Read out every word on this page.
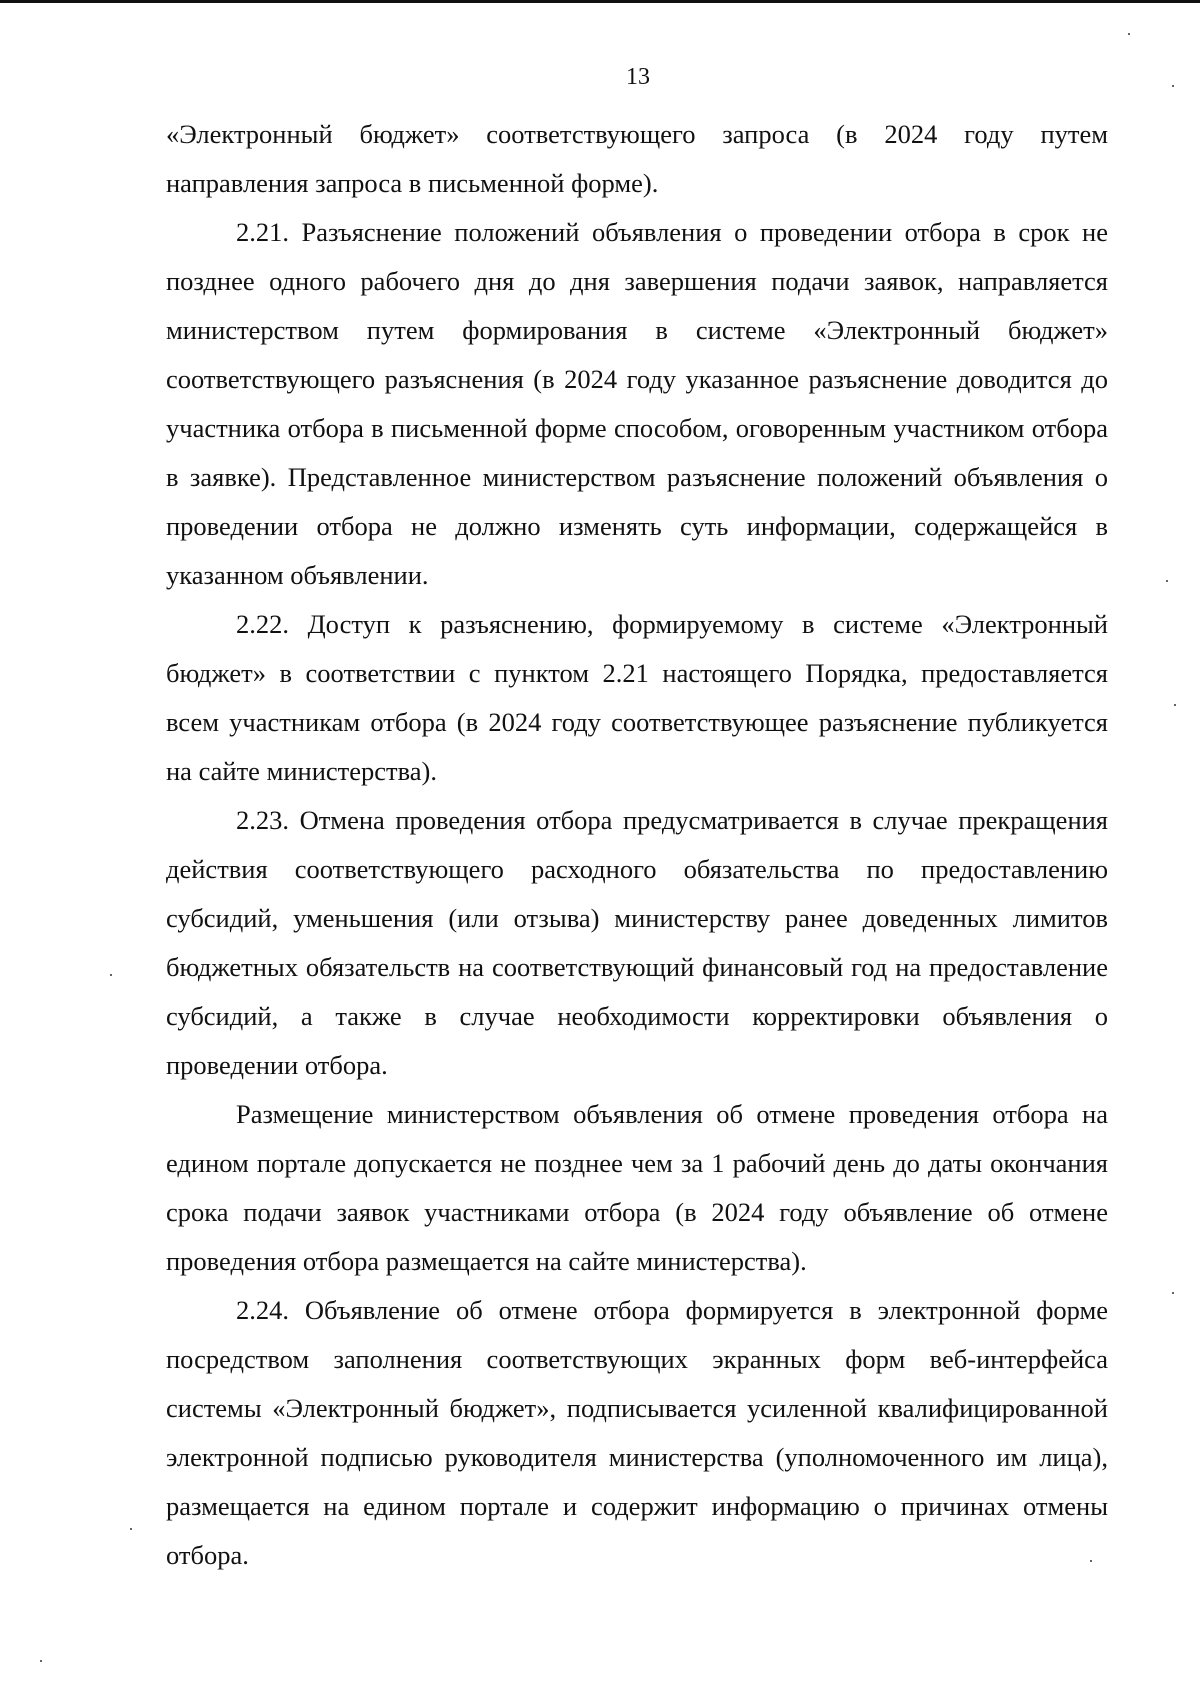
13

«Электронный бюджет» соответствующего запроса (в 2024 году путем направления запроса в письменной форме).

2.21. Разъяснение положений объявления о проведении отбора в срок не позднее одного рабочего дня до дня завершения подачи заявок, направляется министерством путем формирования в системе «Электронный бюджет» соответствующего разъяснения (в 2024 году указанное разъяснение доводится до участника отбора в письменной форме способом, оговоренным участником отбора в заявке). Представленное министерством разъяснение положений объявления о проведении отбора не должно изменять суть информации, содержащейся в указанном объявлении.

2.22. Доступ к разъяснению, формируемому в системе «Электронный бюджет» в соответствии с пунктом 2.21 настоящего Порядка, предоставляется всем участникам отбора (в 2024 году соответствующее разъяснение публикуется на сайте министерства).

2.23. Отмена проведения отбора предусматривается в случае прекращения действия соответствующего расходного обязательства по предоставлению субсидий, уменьшения (или отзыва) министерству ранее доведенных лимитов бюджетных обязательств на соответствующий финансовый год на предоставление субсидий, а также в случае необходимости корректировки объявления о проведении отбора.

Размещение министерством объявления об отмене проведения отбора на едином портале допускается не позднее чем за 1 рабочий день до даты окончания срока подачи заявок участниками отбора (в 2024 году объявление об отмене проведения отбора размещается на сайте министерства).

2.24. Объявление об отмене отбора формируется в электронной форме посредством заполнения соответствующих экранных форм веб-интерфейса системы «Электронный бюджет», подписывается усиленной квалифицированной электронной подписью руководителя министерства (уполномоченного им лица), размещается на едином портале и содержит информацию о причинах отмены отбора.
